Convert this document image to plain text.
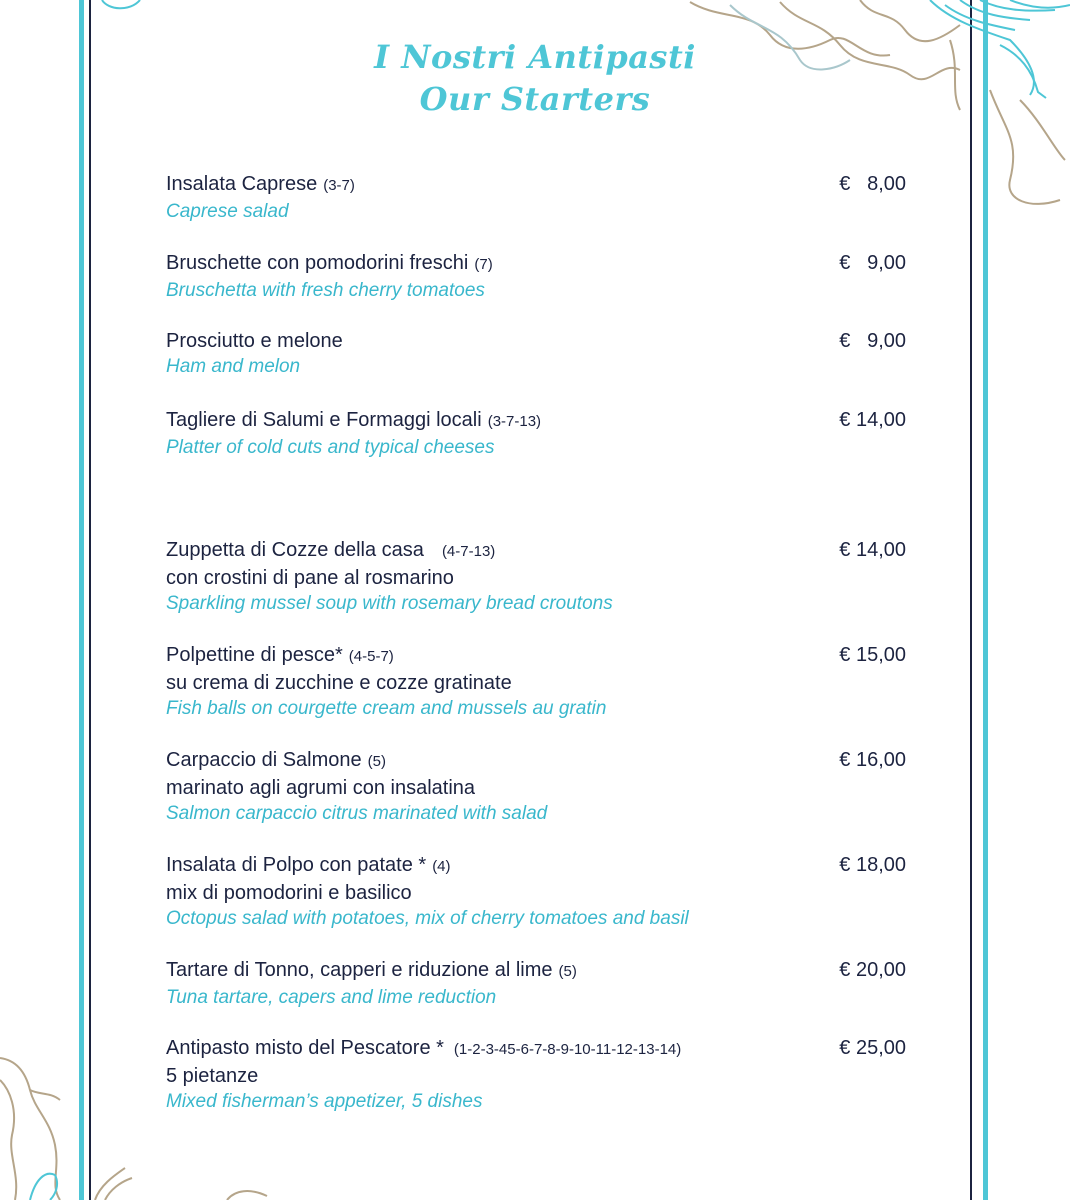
I Nostri Antipasti
Our Starters
Insalata Caprese (3-7)
Caprese salad
€   8,00
Bruschette con pomodorini freschi (7)
Bruschetta with fresh cherry tomatoes
€   9,00
Prosciutto e melone
Ham and melon
€   9,00
Tagliere di Salumi e Formaggi locali (3-7-13)
Platter of cold cuts and typical cheeses
€ 14,00
Zuppetta di Cozze della casa (4-7-13)
con crostini di pane al rosmarino
Sparkling mussel soup with rosemary bread croutons
€ 14,00
Polpettine di pesce* (4-5-7)
su crema di zucchine e cozze gratinate
Fish balls on courgette cream and mussels au gratin
€ 15,00
Carpaccio di Salmone (5)
marinato agli agrumi con insalatina
Salmon carpaccio citrus marinated with salad
€ 16,00
Insalata di Polpo con patate * (4)
mix di pomodorini e basilico
Octopus salad with potatoes, mix of cherry tomatoes and basil
€ 18,00
Tartare di Tonno, capperi e riduzione al lime (5)
Tuna tartare, capers and lime reduction
€ 20,00
Antipasto misto del Pescatore * (1-2-3-45-6-7-8-9-10-11-12-13-14)
5 pietanze
Mixed fisherman’s appetizer, 5 dishes
€ 25,00
